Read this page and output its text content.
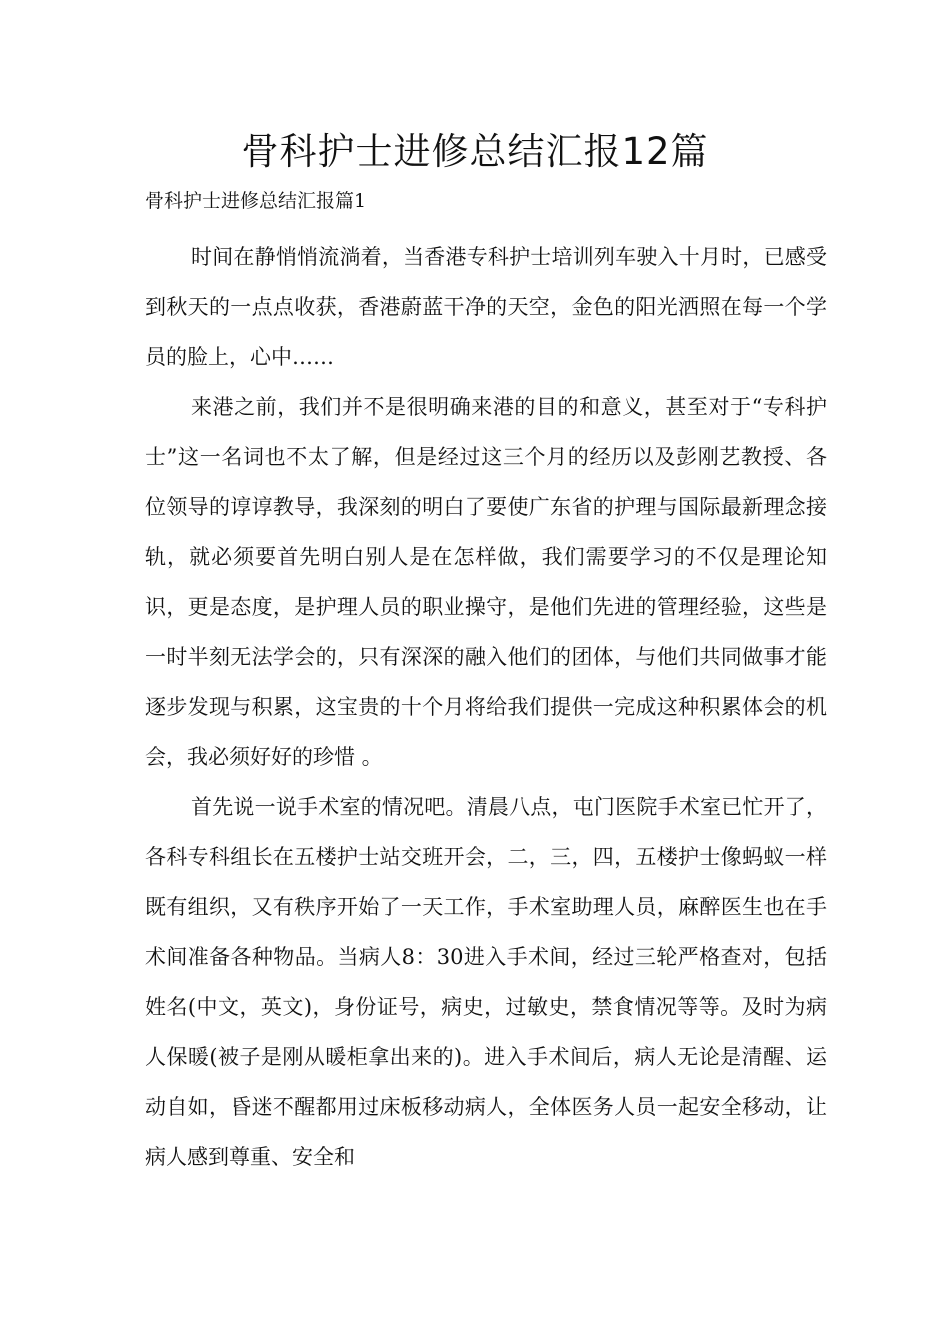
骨科护士进修总结汇报12篇
骨科护士进修总结汇报篇1

时间在静悄悄流淌着，当香港专科护士培训列车驶入十月时，已感受到秋天的一点点收获，香港蔚蓝干净的天空，金色的阳光洒照在每一个学员的脸上，心中……

来港之前，我们并不是很明确来港的目的和意义，甚至对于“专科护士”这一名词也不太了解，但是经过这三个月的经历以及彭刚艺教授、各位领导的谆谆教导，我深刻的明白了要使广东省的护理与国际最新理念接轨，就必须要首先明白别人是在怎样做，我们需要学习的不仅是理论知识，更是态度，是护理人员的职业操守，是他们先进的管理经验，这些是一时半刻无法学会的，只有深深的融入他们的团体，与他们共同做事才能逐步发现与积累，这宝贵的十个月将给我们提供一完成这种积累体会的机会，我必须好好的珍惜 。

首先说一说手术室的情况吧。清晨八点，屯门医院手术室已忙开了，各科专科组长在五楼护士站交班开会，二，三，四，五楼护士像蚂蚁一样既有组织，又有秩序开始了一天工作，手术室助理人员，麻醉医生也在手术间准备各种物品。当病人8：30进入手术间，经过三轮严格查对，包括姓名(中文，英文)，身份证号，病史，过敏史，禁食情况等等。及时为病人保暖(被子是刚从暖柜拿出来的)。进入手术间后，病人无论是清醒、运动自如，昏迷不醒都用过床板移动病人，全体医务人员一起安全移动，让病人感到尊重、安全和
